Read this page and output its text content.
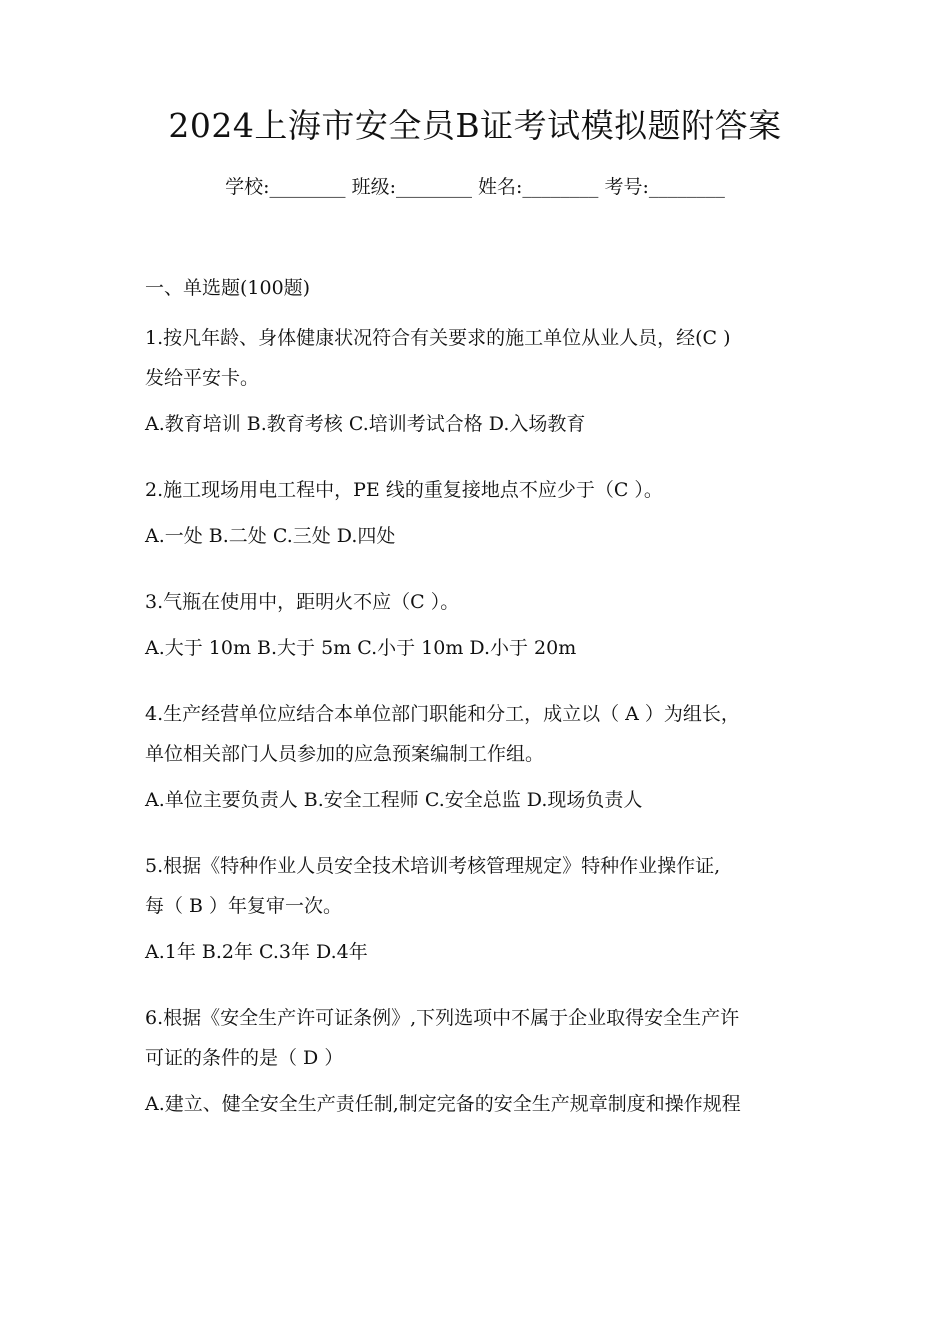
2024上海市安全员B证考试模拟题附答案
学校:________ 班级:________ 姓名:________ 考号:________
一、单选题(100题)
1.按凡年龄、身体健康状况符合有关要求的施工单位从业人员，经(C )
发给平安卡。
A.教育培训 B.教育考核 C.培训考试合格 D.入场教育
2.施工现场用电工程中，PE 线的重复接地点不应少于（C ）。
A.一处 B.二处 C.三处 D.四处
3.气瓶在使用中，距明火不应（C ）。
A.大于 10m B.大于 5m C.小于 10m D.小于 20m
4.生产经营单位应结合本单位部门职能和分工，成立以（ A ）为组长，
单位相关部门人员参加的应急预案编制工作组。
A.单位主要负责人 B.安全工程师 C.安全总监 D.现场负责人
5.根据《特种作业人员安全技术培训考核管理规定》特种作业操作证,
每（ B ）年复审一次。
A.1年 B.2年 C.3年 D.4年
6.根据《安全生产许可证条例》,下列选项中不属于企业取得安全生产许
可证的条件的是（ D ）
A.建立、健全安全生产责任制,制定完备的安全生产规章制度和操作规程
